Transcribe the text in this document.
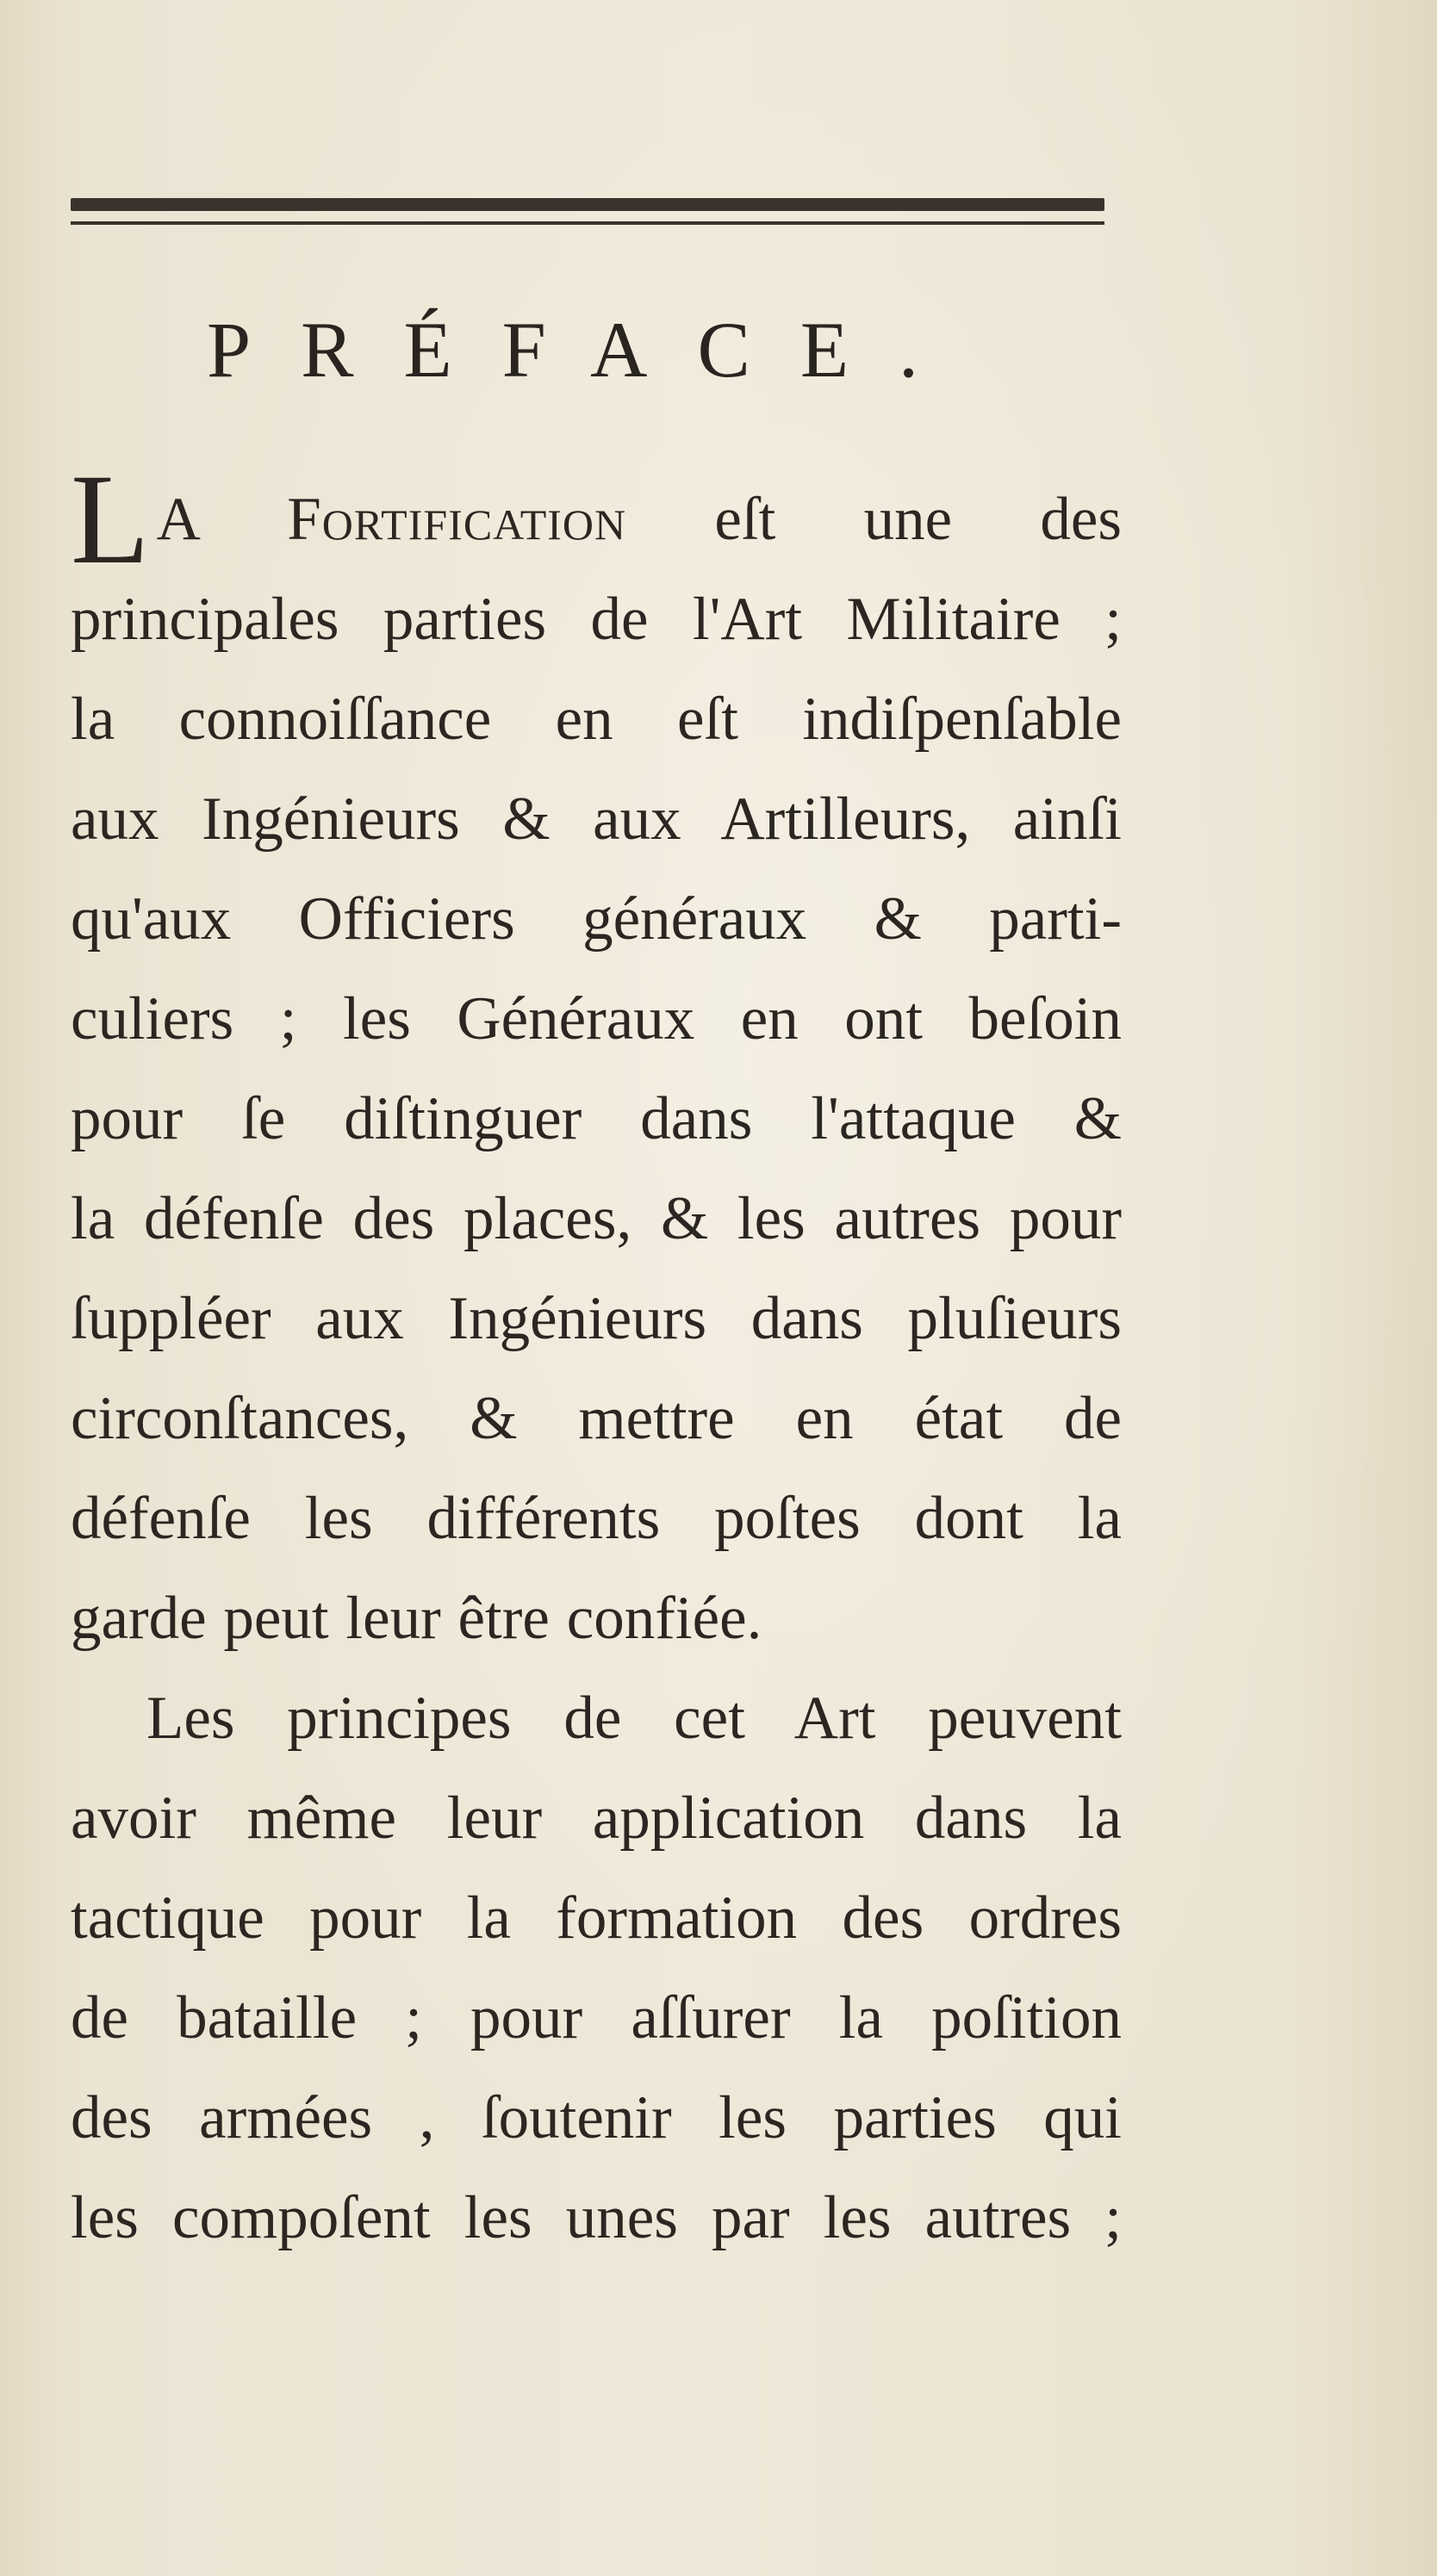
PRÉFACE.
L A Fortification eſt une des
principales parties de l'Art Militaire ;
la connoiſſance en eſt indiſpenſable
aux Ingénieurs & aux Artilleurs, ainſi
qu'aux Officiers généraux & parti-
culiers ; les Généraux en ont beſoin
pour ſe diſtinguer dans l'attaque &
la défenſe des places, & les autres pour
ſuppléer aux Ingénieurs dans pluſieurs
circonſtances, & mettre en état de
défenſe les différents poſtes dont la
garde peut leur être confiée.
Les principes de cet Art peuvent
avoir même leur application dans la
tactique pour la formation des ordres
de bataille ; pour aſſurer la poſition
des armées , ſoutenir les parties qui
les compoſent les unes par les autres ;
